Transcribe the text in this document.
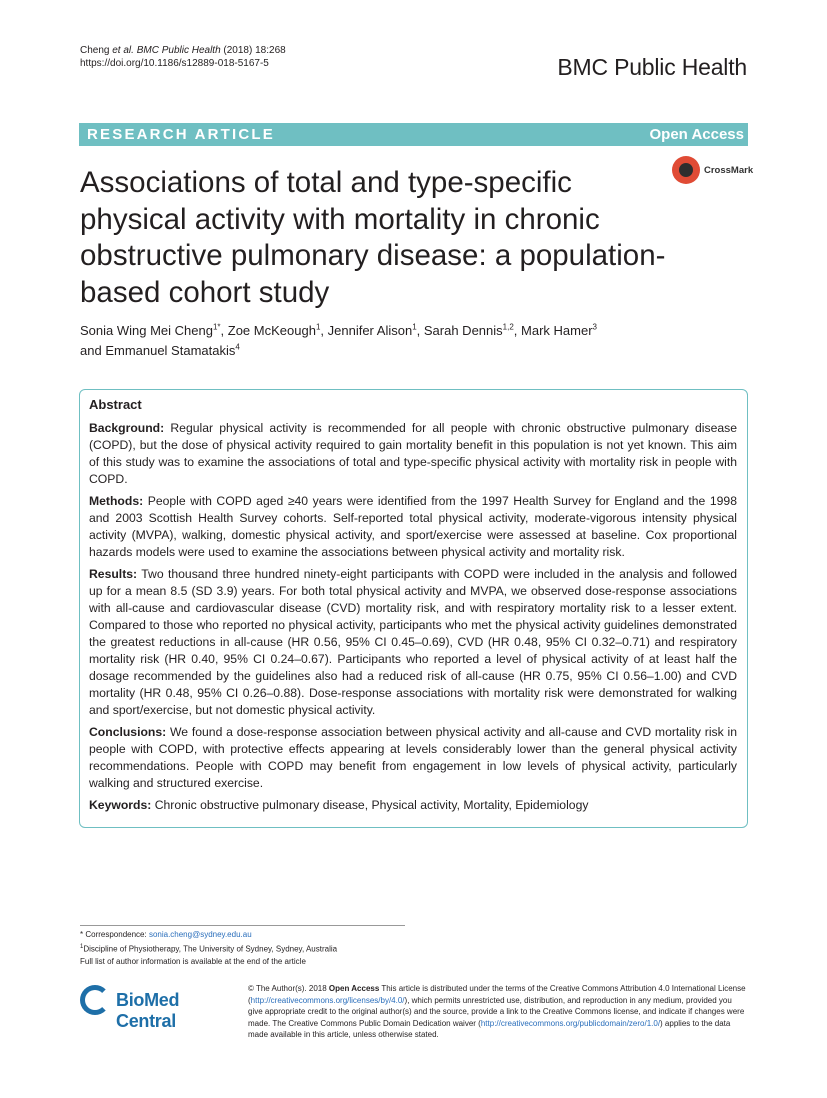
Cheng et al. BMC Public Health (2018) 18:268
https://doi.org/10.1186/s12889-018-5167-5	BMC Public Health
RESEARCH ARTICLE	Open Access
CrossMark
Associations of total and type-specific physical activity with mortality in chronic obstructive pulmonary disease: a population-based cohort study
Sonia Wing Mei Cheng$^{1*}$, Zoe McKeough$^1$, Jennifer Alison$^1$, Sarah Dennis$^{1,2}$, Mark Hamer$^3$
and Emmanuel Stamatakis$^4$
Abstract

Background: Regular physical activity is recommended for all people with chronic obstructive pulmonary disease (COPD), but the dose of physical activity required to gain mortality benefit in this population is not yet known. This aim of this study was to examine the associations of total and type-specific physical activity with mortality risk in people with COPD.

Methods: People with COPD aged ≥40 years were identified from the 1997 Health Survey for England and the 1998 and 2003 Scottish Health Survey cohorts. Self-reported total physical activity, moderate-vigorous intensity physical activity (MVPA), walking, domestic physical activity, and sport/exercise were assessed at baseline. Cox proportional hazards models were used to examine the associations between physical activity and mortality risk.

Results: Two thousand three hundred ninety-eight participants with COPD were included in the analysis and followed up for a mean 8.5 (SD 3.9) years. For both total physical activity and MVPA, we observed dose-response associations with all-cause and cardiovascular disease (CVD) mortality risk, and with respiratory mortality risk to a lesser extent. Compared to those who reported no physical activity, participants who met the physical activity guidelines demonstrated the greatest reductions in all-cause (HR 0.56, 95% CI 0.45–0.69), CVD (HR 0.48, 95% CI 0.32–0.71) and respiratory mortality risk (HR 0.40, 95% CI 0.24–0.67). Participants who reported a level of physical activity of at least half the dosage recommended by the guidelines also had a reduced risk of all-cause (HR 0.75, 95% CI 0.56–1.00) and CVD mortality (HR 0.48, 95% CI 0.26–0.88). Dose-response associations with mortality risk were demonstrated for walking and sport/exercise, but not domestic physical activity.

Conclusions: We found a dose-response association between physical activity and all-cause and CVD mortality risk in people with COPD, with protective effects appearing at levels considerably lower than the general physical activity recommendations. People with COPD may benefit from engagement in low levels of physical activity, particularly walking and structured exercise.

Keywords: Chronic obstructive pulmonary disease, Physical activity, Mortality, Epidemiology

* Correspondence: sonia.cheng@sydney.edu.au
$^1$Discipline of Physiotherapy, The University of Sydney, Sydney, Australia
Full list of author information is available at the end of the article
BioMed Central
© The Author(s). 2018 Open Access This article is distributed under the terms of the Creative Commons Attribution 4.0 International License (http://creativecommons.org/licenses/by/4.0/), which permits unrestricted use, distribution, and reproduction in any medium, provided you give appropriate credit to the original author(s) and the source, provide a link to the Creative Commons license, and indicate if changes were made. The Creative Commons Public Domain Dedication waiver (http://creativecommons.org/publicdomain/zero/1.0/) applies to the data made available in this article, unless otherwise stated.
